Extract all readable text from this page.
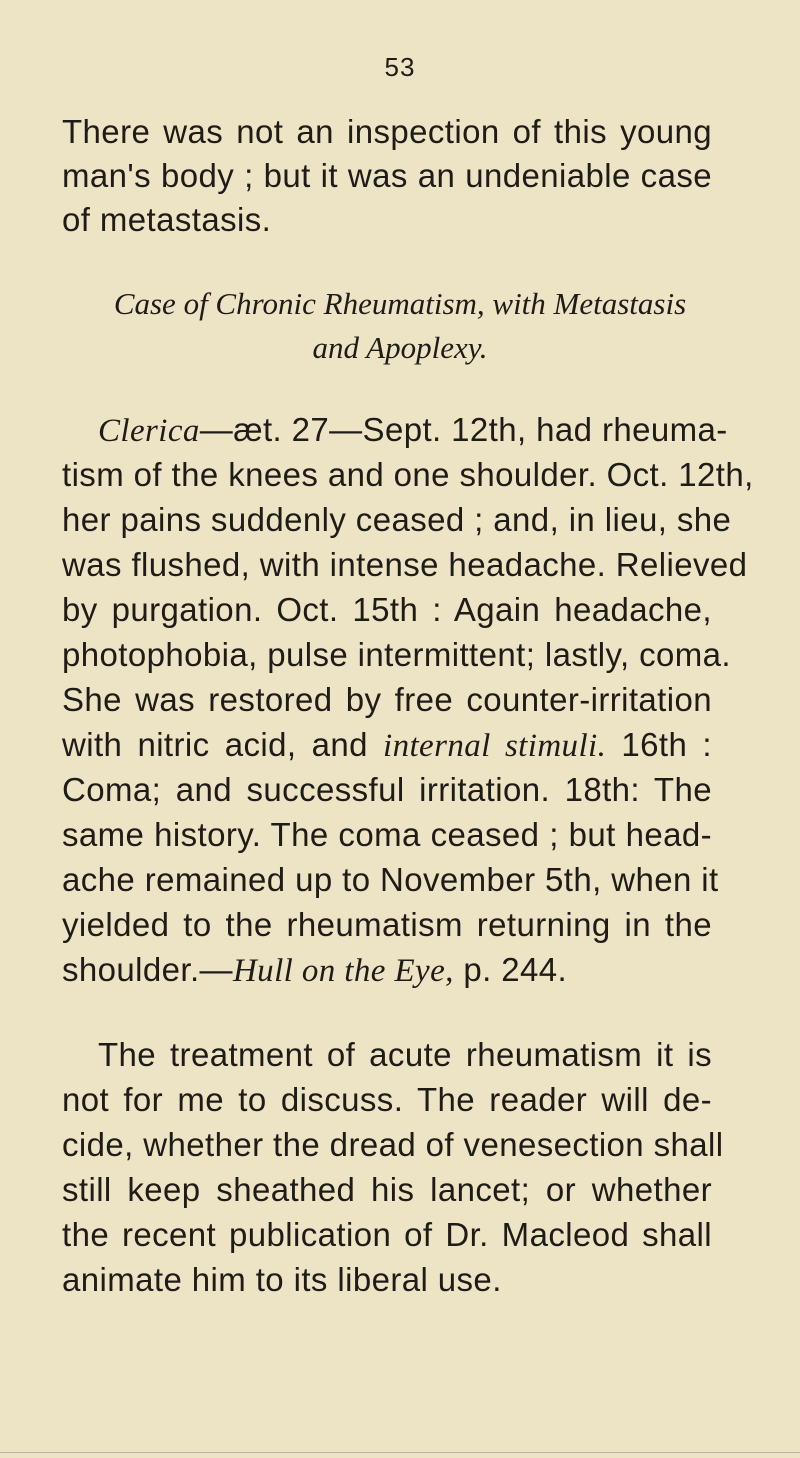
53
There was not an inspection of this young
man's body ; but it was an undeniable case
of metastasis.
Case of Chronic Rheumatism, with Metastasis
and Apoplexy.
Clerica—æt. 27—Sept. 12th, had rheuma-
tism of the knees and one shoulder. Oct. 12th,
her pains suddenly ceased ; and, in lieu, she
was flushed, with intense headache. Relieved
by purgation. Oct. 15th : Again headache,
photophobia, pulse intermittent; lastly, coma.
She was restored by free counter-irritation
with nitric acid, and internal stimuli. 16th :
Coma; and successful irritation. 18th: The
same history. The coma ceased ; but head-
ache remained up to November 5th, when it
yielded to the rheumatism returning in the
shoulder.—Hull on the Eye, p. 244.
The treatment of acute rheumatism it is
not for me to discuss. The reader will de-
cide, whether the dread of venesection shall
still keep sheathed his lancet; or whether
the recent publication of Dr. Macleod shall
animate him to its liberal use.
